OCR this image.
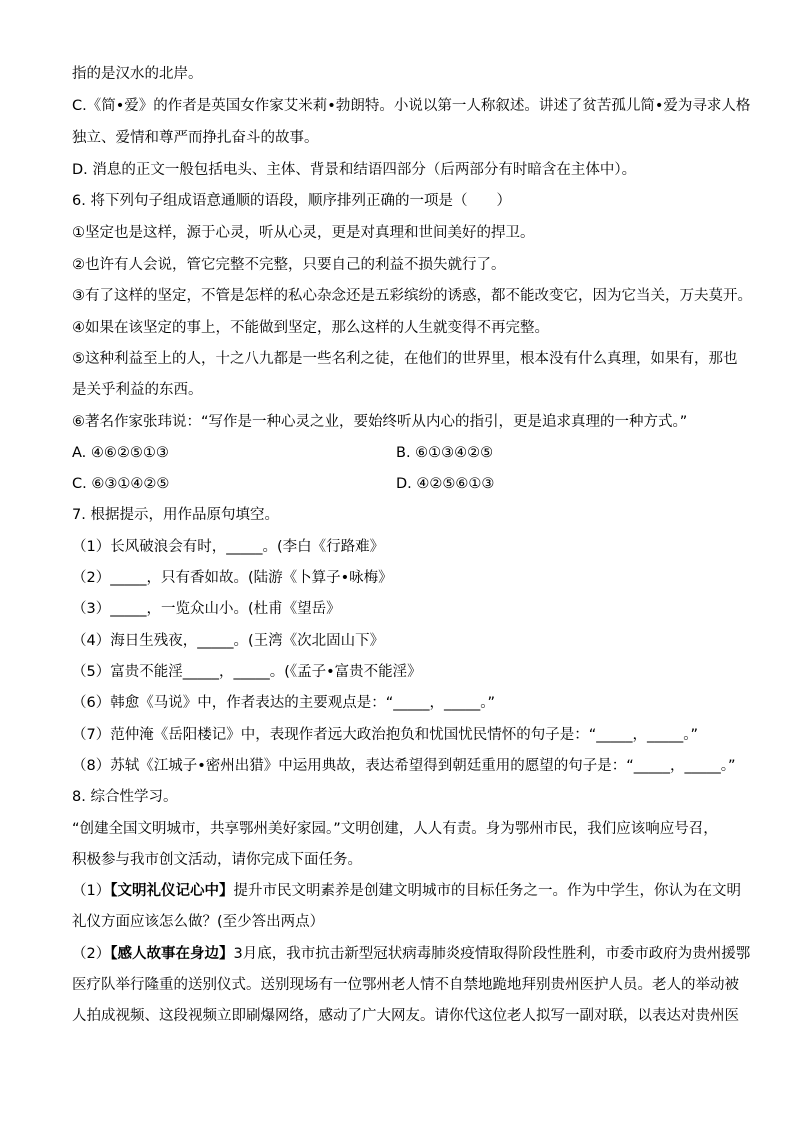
指的是汉水的北岸。
C.《简•爱》的作者是英国女作家艾米莉•勃朗特。小说以第一人称叙述。讲述了贫苦孤儿简•爱为寻求人格
独立、爱情和尊严而挣扎奋斗的故事。
D. 消息的正文一般包括电头、主体、背景和结语四部分（后两部分有时暗含在主体中）。
6. 将下列句子组成语意通顺的语段，顺序排列正确的一项是（　　）
①坚定也是这样，源于心灵，听从心灵，更是对真理和世间美好的捍卫。
②也许有人会说，管它完整不完整，只要自己的利益不损失就行了。
③有了这样的坚定，不管是怎样的私心杂念还是五彩缤纷的诱惑，都不能改变它，因为它当关，万夫莫开。
④如果在该坚定的事上，不能做到坚定，那么这样的人生就变得不再完整。
⑤这种利益至上的人，十之八九都是一些名利之徒，在他们的世界里，根本没有什么真理，如果有，那也
是关乎利益的东西。
⑥著名作家张玮说：“写作是一种心灵之业，要始终听从内心的指引，更是追求真理的一种方式。”
A. ④⑥②⑤①③	B. ⑥①③④②⑤
C. ⑥③①④②⑤	D. ④②⑤⑥①③
7. 根据提示，用作品原句填空。
（1）长风破浪会有时，_____。(李白《行路难》
（2）_____，只有香如故。(陆游《卜算子•咏梅》
（3）_____，一览众山小。(杜甫《望岳》
（4）海日生残夜，_____。(王湾《次北固山下》
（5）富贵不能淫_____，_____。(《孟子•富贵不能淫》
（6）韩愈《马说》中，作者表达的主要观点是：“_____，_____。”
（7）范仲淹《岳阳楼记》中，表现作者远大政治抱负和忧国忧民情怀的句子是：“_____，_____。”
（8）苏轼《江城子•密州出猎》中运用典故，表达希望得到朝廷重用的愿望的句子是：“_____，_____。”
8. 综合性学习。
“创建全国文明城市，共享鄂州美好家园。”文明创建，人人有责。身为鄂州市民，我们应该响应号召，
积极参与我市创文活动，请你完成下面任务。
（1）【文明礼仪记心中】提升市民文明素养是创建文明城市的目标任务之一。作为中学生，你认为在文明
礼仪方面应该怎么做？(至少答出两点）
（2）【感人故事在身边】3月底，我市抗击新型冠状病毒肺炎疫情取得阶段性胜利，市委市政府为贵州援鄂
医疗队举行隆重的送别仪式。送别现场有一位鄂州老人情不自禁地跪地拜别贵州医护人员。老人的举动被
人拍成视频、这段视频立即刷爆网络，感动了广大网友。请你代这位老人拟写一副对联，以表达对贵州医
